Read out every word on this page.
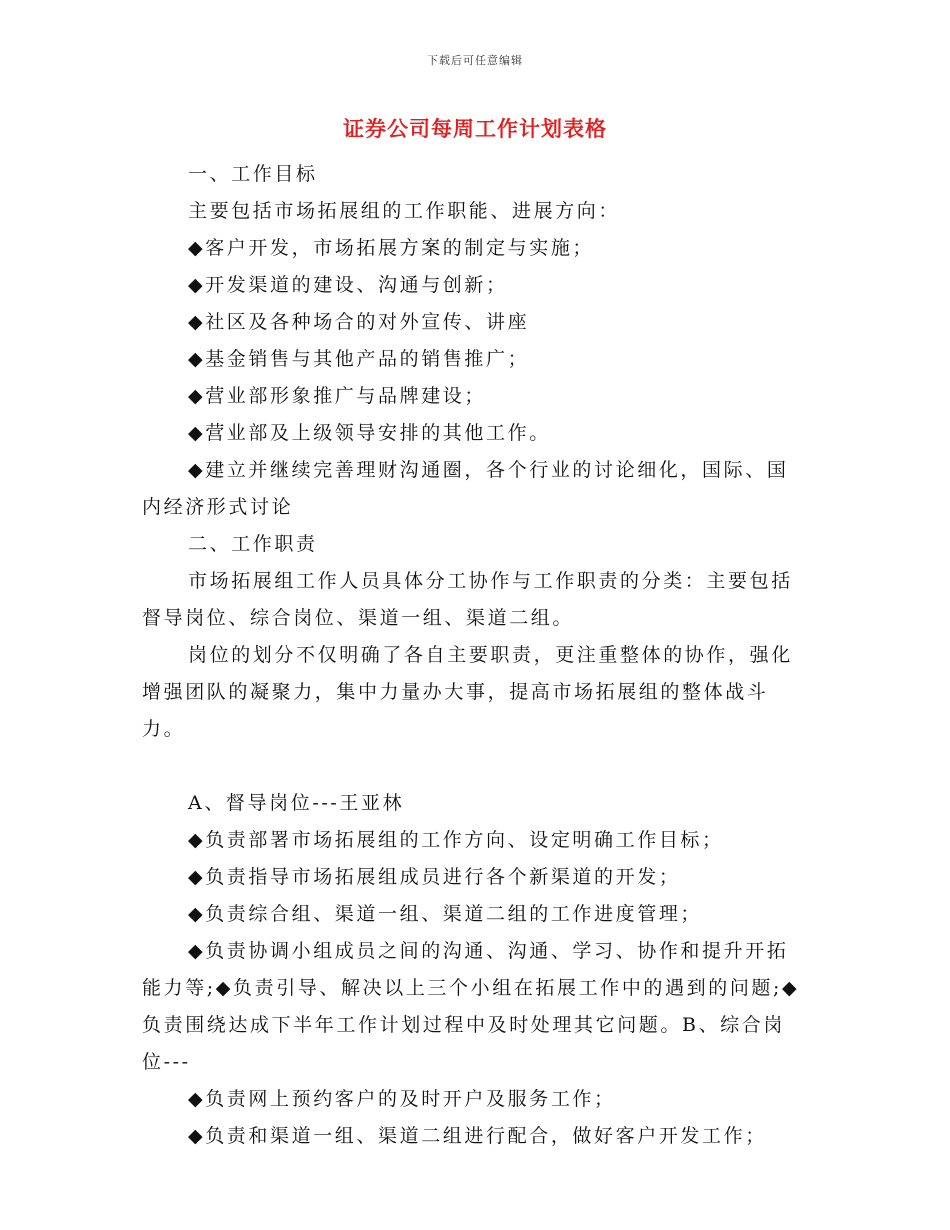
下载后可任意编辑
证券公司每周工作计划表格

一、工作目标

主要包括市场拓展组的工作职能、进展方向：

◆客户开发，市场拓展方案的制定与实施；

◆开发渠道的建设、沟通与创新；

◆社区及各种场合的对外宣传、讲座

◆基金销售与其他产品的销售推广；

◆营业部形象推广与品牌建设；

◆营业部及上级领导安排的其他工作。

◆建立并继续完善理财沟通圈，各个行业的讨论细化，国际、国内经济形式讨论

二、工作职责

市场拓展组工作人员具体分工协作与工作职责的分类：主要包括督导岗位、综合岗位、渠道一组、渠道二组。

岗位的划分不仅明确了各自主要职责，更注重整体的协作，强化增强团队的凝聚力，集中力量办大事，提高市场拓展组的整体战斗力。

A、督导岗位---王亚林

◆负责部署市场拓展组的工作方向、设定明确工作目标；

◆负责指导市场拓展组成员进行各个新渠道的开发；

◆负责综合组、渠道一组、渠道二组的工作进度管理；

◆负责协调小组成员之间的沟通、沟通、学习、协作和提升开拓能力等;◆负责引导、解决以上三个小组在拓展工作中的遇到的问题;◆负责围绕达成下半年工作计划过程中及时处理其它问题。B、综合岗位---

◆负责网上预约客户的及时开户及服务工作；

◆负责和渠道一组、渠道二组进行配合，做好客户开发工作；
